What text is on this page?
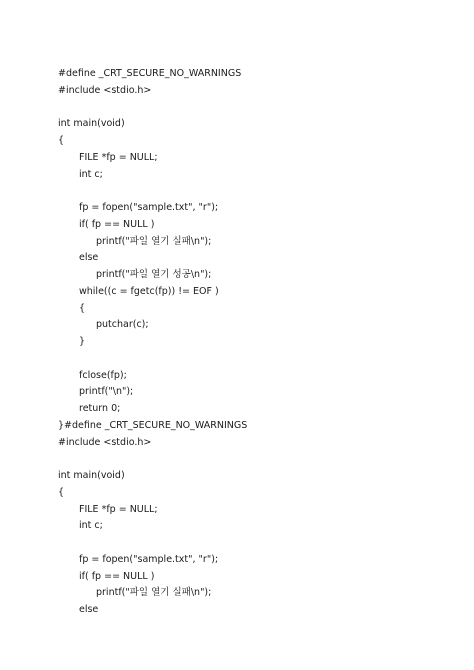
#define _CRT_SECURE_NO_WARNINGS
#include <stdio.h>
int main(void)
{
FILE *fp = NULL;
int c;
fp = fopen("sample.txt", "r");
if( fp == NULL )
printf("파일 열기 실패\n");
else
printf("파일 열기 성공\n");
while((c = fgetc(fp)) != EOF )
{
putchar(c);
}
fclose(fp);
printf("\n");
return 0;
}#define _CRT_SECURE_NO_WARNINGS
#include <stdio.h>
int main(void)
{
FILE *fp = NULL;
int c;
fp = fopen("sample.txt", "r");
if( fp == NULL )
printf("파일 열기 실패\n");
else
